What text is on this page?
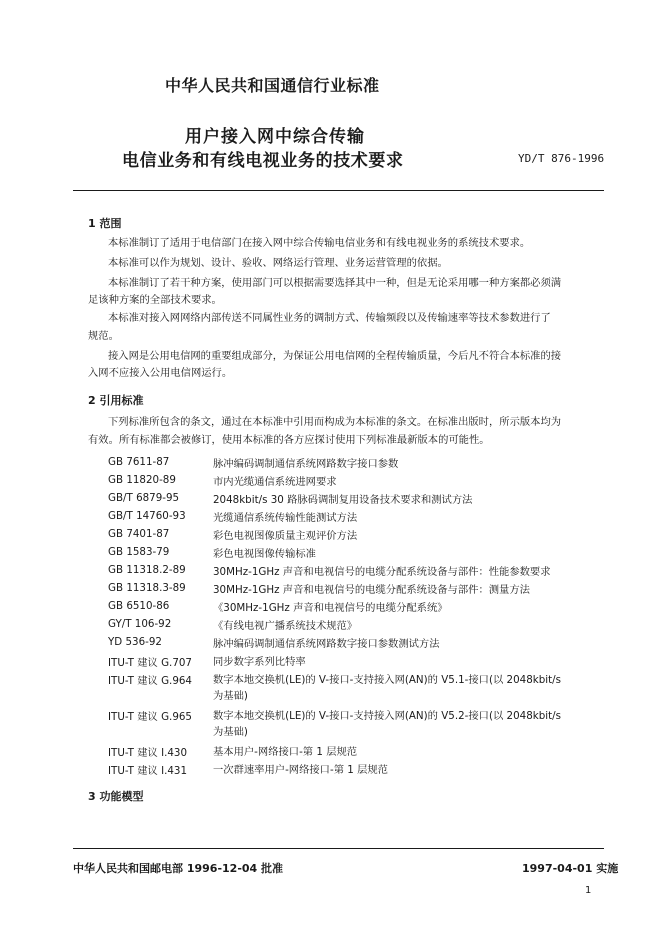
中华人民共和国通信行业标准
用户接入网中综合传输
电信业务和有线电视业务的技术要求	YD/T 876-1996
1 范围
本标准制订了适用于电信部门在接入网中综合传输电信业务和有线电视业务的系统技术要求。
本标准可以作为规划、设计、验收、网络运行管理、业务运营管理的依据。
本标准制订了若干种方案，使用部门可以根据需要选择其中一种，但是无论采用哪一种方案都必须满
足该种方案的全部技术要求。
本标准对接入网网络内部传送不同属性业务的调制方式、传输频段以及传输速率等技术参数进行了
规范。
接入网是公用电信网的重要组成部分，为保证公用电信网的全程传输质量，今后凡不符合本标准的接
入网不应接入公用电信网运行。
2 引用标准
下列标准所包含的条文，通过在本标准中引用而构成为本标准的条文。在标准出版时，所示版本均为
有效。所有标准都会被修订，使用本标准的各方应探讨使用下列标准最新版本的可能性。
GB 7611-87	脉冲编码调制通信系统网路数字接口参数
GB 11820-89	市内光缆通信系统进网要求
GB/T 6879-95	2048kbit/s 30 路脉码调制复用设备技术要求和测试方法
GB/T 14760-93	光缆通信系统传输性能测试方法
GB 7401-87	彩色电视图像质量主观评价方法
GB 1583-79	彩色电视图像传输标准
GB 11318.2-89	30MHz-1GHz 声音和电视信号的电缆分配系统设备与部件：性能参数要求
GB 11318.3-89	30MHz-1GHz 声音和电视信号的电缆分配系统设备与部件：测量方法
GB 6510-86	《30MHz-1GHz 声音和电视信号的电缆分配系统》
GY/T 106-92	《有线电视广播系统技术规范》
YD 536-92	脉冲编码调制通信系统网路数字接口参数测试方法
ITU-T 建议 G.707 同步数字系列比特率
ITU-T 建议 G.964 数字本地交换机(LE)的 V-接口-支持接入网(AN)的 V5.1-接口(以 2048kbit/s
为基础)
ITU-T 建议 G.965 数字本地交换机(LE)的 V-接口-支持接入网(AN)的 V5.2-接口(以 2048kbit/s
为基础)
ITU-T 建议 I.430	基本用户-网络接口-第 1 层规范
ITU-T 建议 I.431	一次群速率用户-网络接口-第 1 层规范
3 功能模型
中华人民共和国邮电部 1996-12-04 批准	1997-04-01 实施
1
